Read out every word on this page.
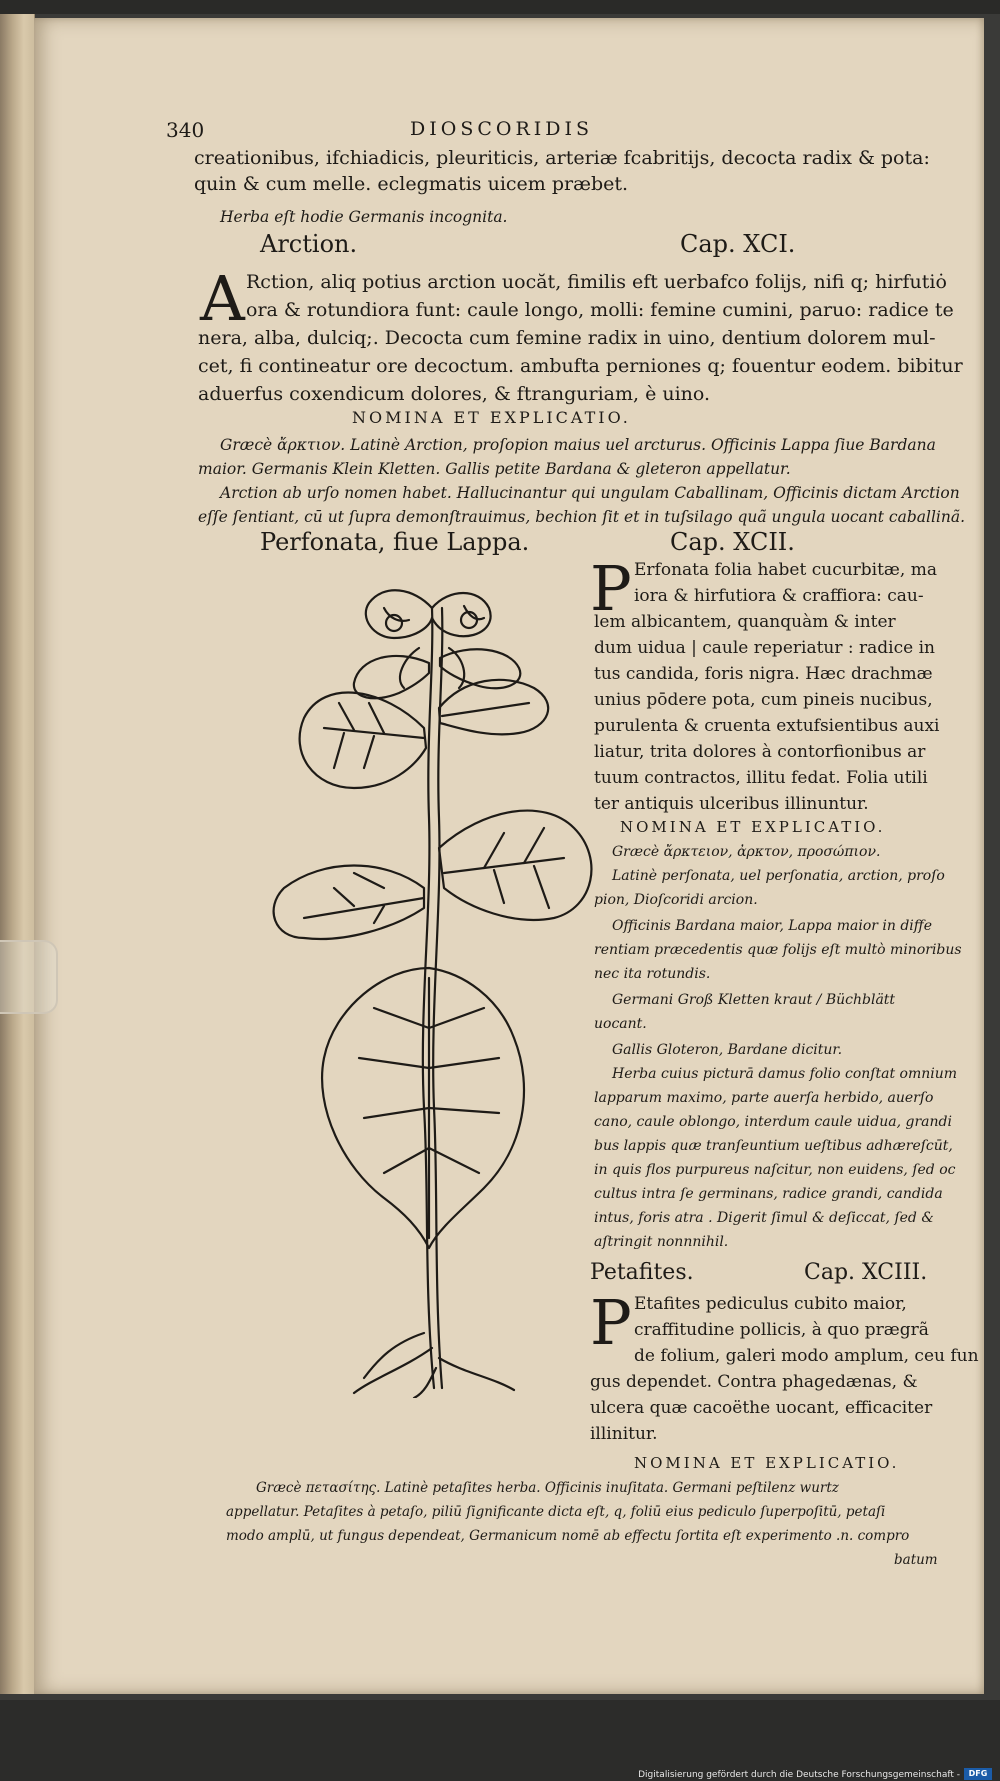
340	DIOSCORIDIS
creationibus, ifchiadicis, pleuriticis, arteriæ fcabritijs, decocta radix & pota:
quin & cum melle. eclegmatis uicem præbet.
Herba eſt hodie Germanis incognita.
Arction.	Cap. XCI.
A Rction, aliq potius arction uocăt, fimilis eft uerbafco folijs, nifi q; hirfutiȯ
ora & rotundiora funt: caule longo, molli: femine cumini, paruo: radice te
nera, alba, dulciq;. Decocta cum femine radix in uino, dentium dolorem mul-
cet, fi contineatur ore decoctum. ambufta perniones q; fouentur eodem. bibitur
aduerfus coxendicum dolores, & ftranguriam, è uino.
NOMINA ET EXPLICATIO.
Græcè ἄρκτιον. Latinè Arction, proſopion maius uel arcturus. Officinis Lappa ſiue Bardana
maior. Germanis Klein Kletten. Gallis petite Bardana & gleteron appellatur.
Arction ab urſo nomen habet. Hallucinantur qui ungulam Caballinam, Officinis dictam Arction
eſſe ſentiant, cū ut ſupra demonſtrauimus, bechion ſit et in tuſsilago quã ungula uocant caballinã.
Perfonata, fiue Lappa.	Cap. XCII.
P Erfonata folia habet cucurbitæ, ma
iora & hirfutiora & craffiora: cau-
lem albicantem, quanquàm & inter
dum uidua | caule reperiatur : radice in
tus candida, foris nigra. Hæc drachmæ
unius pōdere pota, cum pineis nucibus,
purulenta & cruenta extufsientibus auxi
liatur, trita dolores à contorfionibus ar
tuum contractos, illitu fedat. Folia utili
ter antiquis ulceribus illinuntur.
NOMINA ET EXPLICATIO.
Græcè ἄρκτειον, ἀρκτον, προσώπιον.
Latinè perſonata, uel perſonatia, arction, proſo
pion, Dioſcoridi arcion.
Officinis Bardana maior, Lappa maior in diffe
rentiam præcedentis quæ folijs eſt multò minoribus
nec ita rotundis.
Germani Groß Kletten kraut / Büchblätt
uocant.
Gallis Gloteron, Bardane dicitur.
Herba cuius picturā damus folio conſtat omnium
lapparum maximo, parte auerſa herbido, auerſo
cano, caule oblongo, interdum caule uidua, grandi
bus lappis quæ tranſeuntium ueſtibus adhæreſcūt,
in quis flos purpureus naſcitur, non euidens, ſed oc
cultus intra ſe germinans, radice grandi, candida
intus, foris atra . Digerit ſimul & deſiccat, ſed &
aſtringit nonnnihil.
Petafites.	Cap. XCIII.
P Etafites pediculus cubito maior,
craffitudine pollicis, à quo prægrã
de folium, galeri modo amplum, ceu fun
gus dependet. Contra phagedænas, &
ulcera quæ cacoëthe uocant, efficaciter
illinitur.
NOMINA ET EXPLICATIO.
Græcè πετασίτης. Latinè petaſites herba. Officinis inuſitata. Germani peſtilenz wurtz
appellatur. Petaſites à petaſo, piliū ſignificante dicta eſt, q, foliū eius pediculo ſuperpoſitū, petaſi
modo amplū, ut fungus dependeat, Germanicum nomē ab effectu ſortita eſt experimento .n. compro
batum
Digitalisierung gefördert durch die Deutsche Forschungsgemeinschaft -	DFG
